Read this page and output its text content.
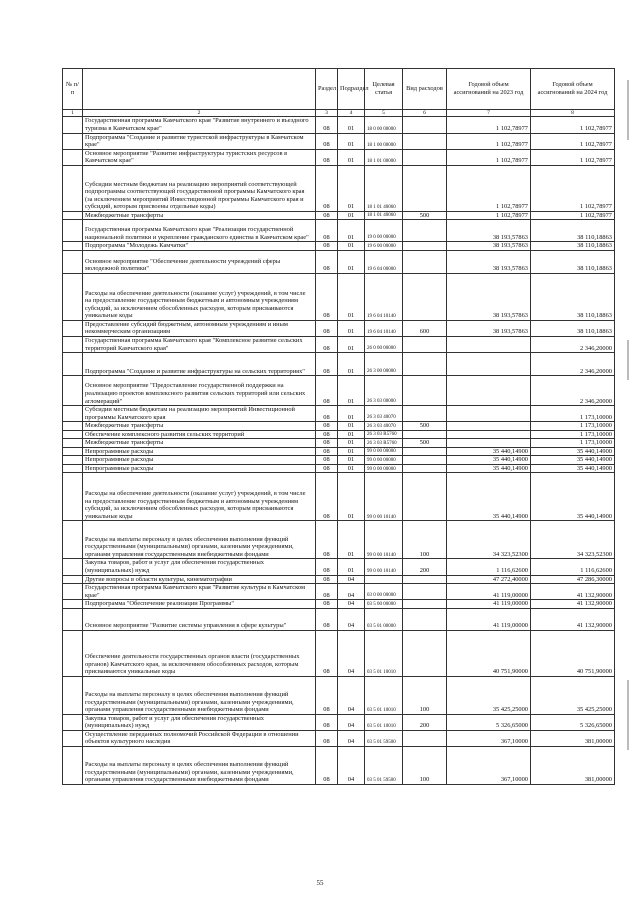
№ п/п		Раздел	Подраздел	Целевая статья	Вид расходов	Годовой объем ассигнований на 2023 год	Годовой объем ассигнований на 2024 год
1	2	3	4	5	6	7	8
	Государственная программа Камчатского края "Развитие внутреннего и въездного туризма в Камчатском крае"	08	01	18 0 00 00000		1 102,78977	1 102,78977
	Подпрограмма "Создание и развитие туристской инфраструктуры в Камчатском крае"	08	01	18 1 00 00000		1 102,78977	1 102,78977
	Основное мероприятие "Развитие инфраструктуры туристских ресурсов в Камчатском крае"	08	01	18 1 01 00000		1 102,78977	1 102,78977
	Субсидии местным бюджетам на реализацию мероприятий соответствующей подпрограммы соответствующей государственной программы Камчатского края (за исключением мероприятий Инвестиционной программы Камчатского края и субсидий, которым присвоены отдельные коды)	08	01	18 1 01 40060		1 102,78977	1 102,78977
	Межбюджетные трансферты	08	01	18 1 01 40060	500	1 102,78977	1 102,78977
	Государственная программа Камчатского края "Реализация государственной национальной политики и укрепление гражданского единства в Камчатском крае"	08	01	19 0 00 00000		38 193,57863	38 110,18863
	Подпрограмма "Молодежь Камчатки"	08	01	19 6 00 00000		38 193,57863	38 110,18863
	Основное мероприятие "Обеспечение деятельности учреждений сферы молодежной политики"	08	01	19 6 04 00000		38 193,57863	38 110,18863
	Расходы на обеспечение деятельности (оказание услуг) учреждений, в том числе на предоставление государственным бюджетным и автономным учреждениям субсидий, за исключением обособленных расходов, которым присваиваются уникальные коды	08	01	19 6 04 10140		38 193,57863	38 110,18863
	Предоставление субсидий бюджетным, автономным учреждениям и иным некоммерческим организациям	08	01	19 6 04 10140	600	38 193,57863	38 110,18863
	Государственная программа Камчатского края "Комплексное развитие сельских территорий Камчатского края"	08	01	26 0 00 00000			2 346,20000
	Подпрограмма "Создание и развитие инфраструктуры на сельских территориях"	08	01	26 3 00 00000			2 346,20000
	Основное мероприятие "Предоставление государственной поддержки на реализацию проектов комплексного развития сельских территорий или сельских агломераций"	08	01	26 3 03 00000			2 346,20000
	Субсидии местным бюджетам на реализацию мероприятий Инвестиционной программы Камчатского края	08	01	26 3 03 40070			1 173,10000
	Межбюджетные трансферты	08	01	26 3 03 40070	500		1 173,10000
	Обеспечение комплексного развития сельских территорий	08	01	26 3 03 R5760			1 173,10000
	Межбюджетные трансферты	08	01	26 3 03 R5760	500		1 173,10000
	Непрограммные расходы	08	01	99 0 00 00000		35 440,14900	35 440,14900
	Непрограммные расходы	08	01	99 0 00 00000		35 440,14900	35 440,14900
	Непрограммные расходы	08	01	99 0 00 00000		35 440,14900	35 440,14900
	Расходы на обеспечение деятельности (оказание услуг) учреждений, в том числе на предоставление государственным бюджетным и автономным учреждениям субсидий, за исключением обособленных расходов, которым присваиваются уникальные коды	08	01	99 0 00 10140		35 440,14900	35 440,14900
	Расходы на выплаты персоналу в целях обеспечения выполнения функций государственными (муниципальными) органами, казенными учреждениями, органами управления государственными внебюджетными фондами	08	01	99 0 00 10140	100	34 323,52300	34 323,52300
	Закупка товаров, работ и услуг для обеспечения государственных (муниципальных) нужд	08	01	99 0 00 10140	200	1 116,62600	1 116,62600
	Другие вопросы в области культуры, кинематографии	08	04			47 272,40000	47 286,30000
	Государственная программа Камчатского края "Развитие культуры в Камчатском крае"	08	04	03 0 00 00000		41 119,00000	41 132,90000
	Подпрограмма "Обеспечение реализации Программы"	08	04	03 5 00 00000		41 119,00000	41 132,90000
	Основное мероприятие "Развитие системы управления в сфере культуры"	08	04	03 5 01 00000		41 119,00000	41 132,90000
	Обеспечение деятельности государственных органов власти (государственных органов) Камчатского края, за исключением обособленных расходов, которым присваиваются уникальные коды	08	04	03 5 01 10010		40 751,90000	40 751,90000
	Расходы на выплаты персоналу в целях обеспечения выполнения функций государственными (муниципальными) органами, казенными учреждениями, органами управления государственными внебюджетными фондами	08	04	03 5 01 10010	100	35 425,25000	35 425,25000
	Закупка товаров, работ и услуг для обеспечения государственных (муниципальных) нужд	08	04	03 5 01 10010	200	5 326,65000	5 326,65000
	Осуществление переданных полномочий Российской Федерации в отношении объектов культурного наследия	08	04	03 5 01 59500		367,10000	381,00000
	Расходы на выплаты персоналу в целях обеспечения выполнения функций государственными (муниципальными) органами, казенными учреждениями, органами управления государственными внебюджетными фондами	08	04	03 5 01 59500	100	367,10000	381,00000
55
